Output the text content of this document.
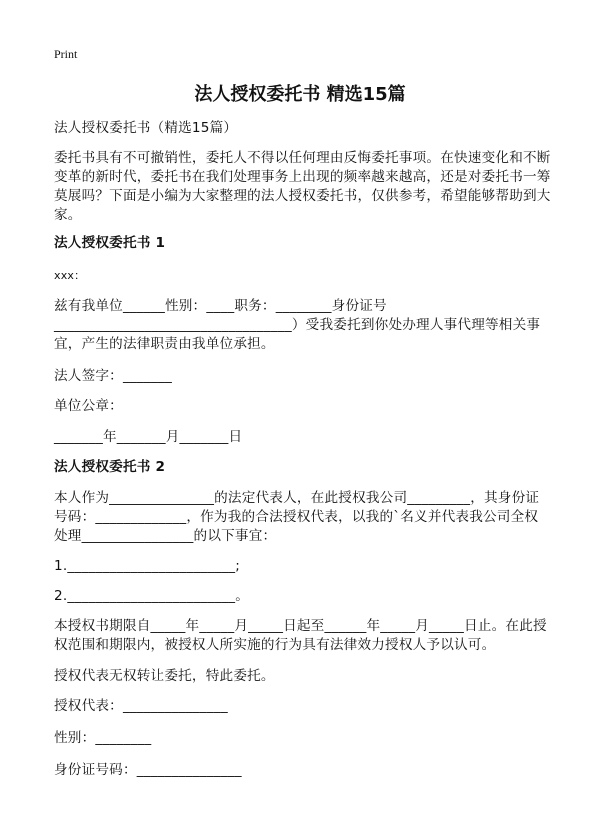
Print
法人授权委托书 精选15篇
法人授权委托书（精选15篇）
委托书具有不可撤销性，委托人不得以任何理由反悔委托事项。在快速变化和不断
变革的新时代，委托书在我们处理事务上出现的频率越来越高，还是对委托书一筹
莫展吗？下面是小编为大家整理的法人授权委托书，仅供参考，希望能够帮助到大
家。
法人授权委托书 1
xxx：
兹有我单位______性别：____职务：________身份证号
__________________________________）受我委托到你处办理人事代理等相关事
宜，产生的法律职责由我单位承担。
法人签字：_______
单位公章：
_______年_______月_______日
法人授权委托书 2
本人作为_______________的法定代表人，在此授权我公司_________，其身份证
号码：_____________，作为我的合法授权代表，以我的`名义并代表我公司全权
处理________________的以下事宜：
1.________________________;
2.________________________。
本授权书期限自_____年_____月_____日起至______年_____月_____日止。在此授
权范围和期限内，被授权人所实施的行为具有法律效力授权人予以认可。
授权代表无权转让委托，特此委托。
授权代表：_______________
性别：________
身份证号码：_______________
